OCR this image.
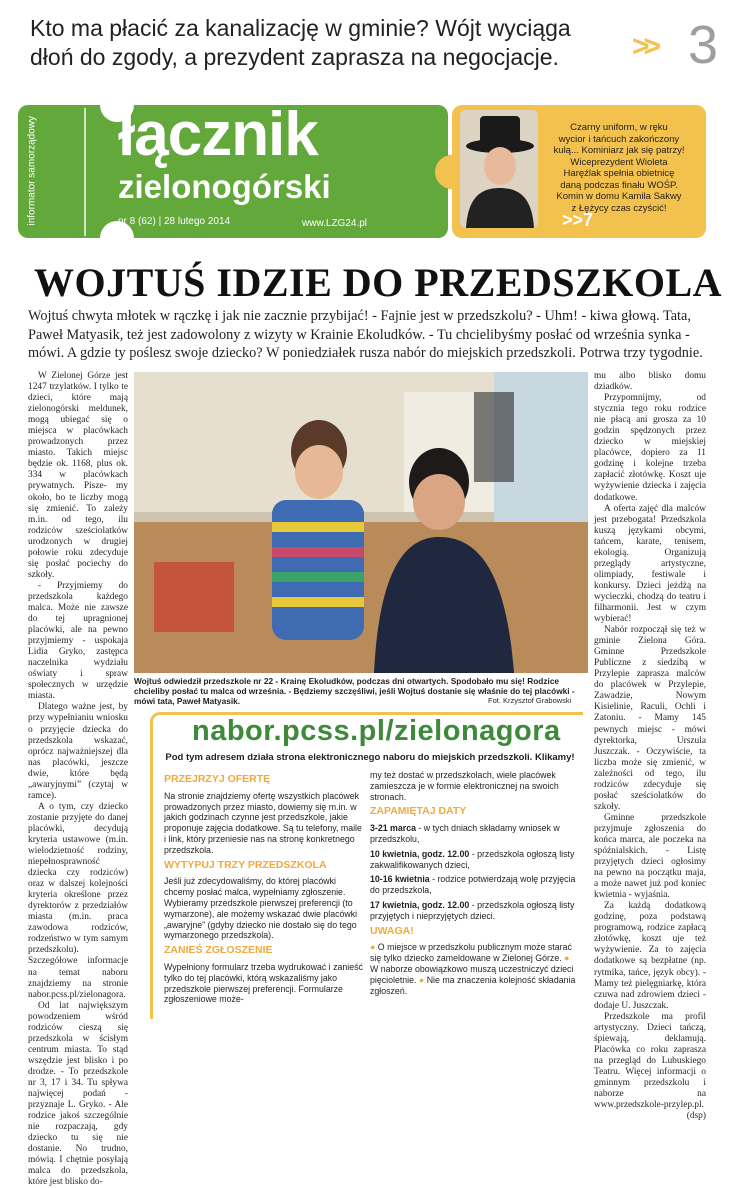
Kto ma płacić za kanalizację w gminie? Wójt wyciąga
dłoń do zgody, a prezydent zaprasza na negocjacje.	>> 3
informator samorządowy łącznik
zielonogórski
nr 8 (62) | 28 lutego 2014	www.LZG24.pl
Czarny uniform, w ręku
wycior i tańcuch zakończony
kulą... Kominiarz jak się patrzy!
Wiceprezydent Wioleta
Haręźlak spełnia obietnicę
daną podczas finału WOŚP.
Komin w domu Kamila Sakwy
z Łężycy czas czyścić!
>>7
WOJTUŚ IDZIE DO PRZEDSZKOLA
Wojtuś chwyta młotek w rączkę i jak nie zacznie przybijać! - Fajnie jest w przedszkolu? - Uhm! - kiwa głową. Tata, Paweł Matyasik, też jest zadowolony z wizyty w Krainie Ekoludków. - Tu chcielibyśmy posłać od września synka - mówi. A gdzie ty poślesz swoje dziecko? W poniedziałek rusza nabór do miejskich przedszkoli. Potrwa trzy tygodnie.

W Zielonej Górze jest 1247 trzylatków. I tylko te dzieci, które mają zielonogórski meldunek, mogą ubiegać się o miejsca w placówkach prowadzonych przez miasto. Takich miejsc będzie ok. 1168, plus ok. 334 w placówkach prywatnych. Pisze- my około, bo te liczby mogą się zmienić. To zależy m.in. od tego, ilu rodziców sześciolatków urodzonych w drugiej połowie roku zdecyduje się posłać pociechy do szkoły.

- Przyjmiemy do przedszkola każdego malca. Może nie zawsze do tej upragnionej placówki, ale na pewno przyjmiemy - uspokaja Lidia Gryko, zastępca naczelnika wydziału oświaty i spraw społecznych w urzędzie miasta.

Dlatego ważne jest, by przy wypełnianiu wniosku o przyjęcie dziecka do przedszkola wskazać, oprócz najważniejszej dla nas placówki, jeszcze dwie, które będą „awaryjnymi” (czytaj w ramce).

A o tym, czy dziecko zostanie przyjęte do danej placówki, decydują kryteria ustawowe (m.in. wielodzietność rodziny, niepełnosprawność dziecka czy rodziców) oraz w dalszej kolejności kryteria określone przez dyrektorów z przedziałów miasta (m.in. praca zawodowa rodziców, rodzeństwo w tym samym przedszkolu). Szczegółowe informacje na temat naboru znajdziemy na stronie nabor.pcss.pl/zielonagora.

Od lat największym powodzeniem wśród rodziców cieszą się przedszkola w ścisłym centrum miasta. To stąd wszędzie jest blisko i po drodze. - To przedszkole nr 3, 17 i 34. Tu spływa najwięcej podań - przyznaje L. Gryko. - Ale rodzice jakoś szczególnie nie rozpaczają, gdy dziecko tu się nie dostanie. No trudno, mówią. I chętnie posyłają malca do przedszkola, które jest blisko do-

Wojtuś odwiedził przedszkole nr 22 - Krainę Ekoludków, podczas dni otwartych. Spodobało mu się! Rodzice chcieliby posłać tu malca od września. - Będziemy szczęśliwi, jeśli Wojtuś dostanie się właśnie do tej placówki - mówi tata, Paweł Matyasik.	Fot. Krzysztof Grabowski
nabor.pcss.pl/zielonagora
Pod tym adresem działa strona elektronicznego naboru do miejskich przedszkoli. Klikamy!
PRZEJRZYJ OFERTĘ

Na stronie znajdziemy ofertę wszystkich placówek prowadzonych przez miasto, dowiemy się m.in. w jakich godzinach czynne jest przedszkole, jakie proponuje zajęcia dodatkowe. Są tu telefony, maile i link, który przeniesie nas na stronę konkretnego przedszkola.

WYTYPUJ TRZY PRZEDSZKOLA

Jeśli już zdecydowaliśmy, do której placówki chcemy posłać malca, wypełniamy zgłoszenie. Wybieramy przedszkole pierwszej preferencji (to wymarzone), ale możemy wskazać dwie placówki „awaryjne” (gdyby dziecko nie dostało się do tego wymarzonego przedszkola).

ZANIEŚ ZGŁOSZENIE

Wypełniony formularz trzeba wydrukować i zanieść tylko do tej placówki, którą wskazaliśmy jako przedszkole pierwszej preferencji. Formularze zgłoszeniowe może-

my też dostać w przedszkolach, wiele placówek zamieszcza je w formie elektronicznej na swoich stronach.

ZAPAMIĘTAJ DATY

3-21 marca - w tych dniach składamy wniosek w przedszkolu,

10 kwietnia, godz. 12.00 - przedszkola ogłoszą listy zakwalifikowanych dzieci,

10-16 kwietnia - rodzice potwierdzają wolę przyjęcia do przedszkola,

17 kwietnia, godz. 12.00 - przedszkola ogłoszą listy przyjętych i nieprzyjętych dzieci.

UWAGA!

● O miejsce w przedszkolu publicznym może starać się tylko dziecko zameldowane w Zielonej Górze. ● W naborze obowiązkowo muszą uczestniczyć dzieci pięcioletnie. ● Nie ma znaczenia kolejność składania zgłoszeń.

mu albo blisko domu dziadków.

Przypomnijmy, od stycznia tego roku rodzice nie płacą ani grosza za 10 godzin spędzonych przez dziecko w miejskiej placówce, dopiero za 11 godzinę i kolejne trzeba zapłacić złotówkę. Koszt uje wyżywienie dziecka i zajęcia dodatkowe.

A oferta zajęć dla malców jest przebogata! Przedszkola kuszą językami obcymi, tańcem, karate, tenisem, ekologią. Organizują przeglądy artystyczne, olimpiady, festiwale i konkursy. Dzieci jeżdżą na wycieczki, chodzą do teatru i filharmonii. Jest w czym wybierać!

Nabór rozpoczął się też w gminie Zielona Góra. Gminne Przedszkole Publiczne z siedzibą w Przylepie zaprasza malców do placówek w Przylepie, Zawadzie, Nowym Kisielinie, Raculi, Ochli i Zatoniu. - Mamy 145 pewnych miejsc - mówi dyrektorka, Urszula Juszczak. - Oczywiście, ta liczba może się zmienić, w zależności od tego, ilu rodziców zdecyduje się posłać sześciolatków do szkoły.

Gminne przedszkole przyjmuje zgłoszenia do końca marca, ale poczeka na spóźnialskich. - Listę przyjętych dzieci ogłosimy na pewno na początku maja, a może nawet już pod koniec kwietnia - wyjaśnia.

Za każdą dodatkową godzinę, poza podstawą programową, rodzice zapłacą złotówkę, koszt uje też wyżywienie. Za to zajęcia dodatkowe są bezpłatne (np. rytmika, tańce, język obcy). - Mamy też pielęgniarkę, która czuwa nad zdrowiem dzieci - dodaje U. Juszczak.

Przedszkole ma profil artystyczny. Dzieci tańczą, śpiewają, deklamują. Placówka co roku zaprasza na przegląd do Lubuskiego Teatru. Więcej informacji o gminnym przedszkolu i naborze na www.przedszkole-przylep.pl.

(dsp)
